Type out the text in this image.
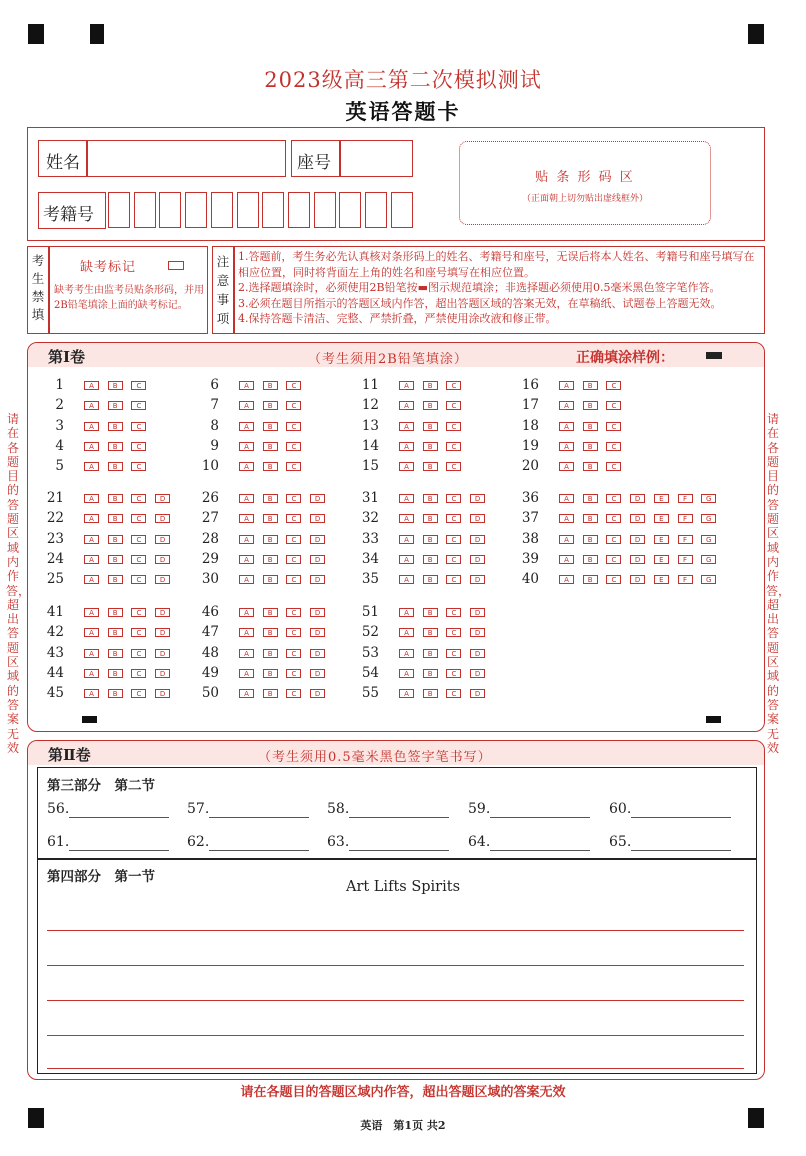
2023级高三第二次模拟测试
英语答题卡
姓名	座号
考籍号
贴 条 形 码 区
（正面朝上切勿贴出虚线框外）
考生禁填
缺考标记
缺考考生由监考员贴条形码，并用2B铅笔填涂上面的缺考标记。
注意事项
1.答题前，考生务必先认真核对条形码上的姓名、考籍号和座号，无误后将本人姓名、考籍号和座号填写在相应位置，同时将背面左上角的姓名和座号填写在相应位置。
2.选择题填涂时，必须使用2B铅笔按▬图示规范填涂；非选择题必须使用0.5毫米黑色签字笔作答。
3.必须在题目所指示的答题区域内作答，超出答题区域的答案无效，在草稿纸、试题卷上答题无效。
4.保持答题卡清洁、完整、严禁折叠，严禁使用涂改液和修正带。
请在各题目的答题区域内作答，超出答题区域的答案无效
请在各题目的答题区域内作答，超出答题区域的答案无效
第Ⅰ卷	（考生须用2B铅笔填涂）	正确填涂样例：
1	A	B	C
2	A	B	C
3	A	B	C
4	A	B	C
5	A	B	C
6	A	B	C
7	A	B	C
8	A	B	C
9	A	B	C
10	A	B	C
11	A	B	C
12	A	B	C
13	A	B	C
14	A	B	C
15	A	B	C
16	A	B	C
17	A	B	C
18	A	B	C
19	A	B	C
20	A	B	C
21	A	B	C	D
22	A	B	C	D
23	A	B	C	D
24	A	B	C	D
25	A	B	C	D
26	A	B	C	D
27	A	B	C	D
28	A	B	C	D
29	A	B	C	D
30	A	B	C	D
31	A	B	C	D
32	A	B	C	D
33	A	B	C	D
34	A	B	C	D
35	A	B	C	D
36	A	B	C	D	E	F	G
37	A	B	C	D	E	F	G
38	A	B	C	D	E	F	G
39	A	B	C	D	E	F	G
40	A	B	C	D	E	F	G
41	A	B	C	D
42	A	B	C	D
43	A	B	C	D
44	A	B	C	D
45	A	B	C	D
46	A	B	C	D
47	A	B	C	D
48	A	B	C	D
49	A	B	C	D
50	A	B	C	D
51	A	B	C	D
52	A	B	C	D
53	A	B	C	D
54	A	B	C	D
55	A	B	C	D
第Ⅱ卷	（考生须用0.5毫米黑色签字笔书写）
第三部分　第二节
56.	57.	58.	59.	60.
61.	62.	63.	64.	65.
第四部分　第一节
Art Lifts Spirits
请在各题目的答题区域内作答，超出答题区域的答案无效
英语　第1页 共2
